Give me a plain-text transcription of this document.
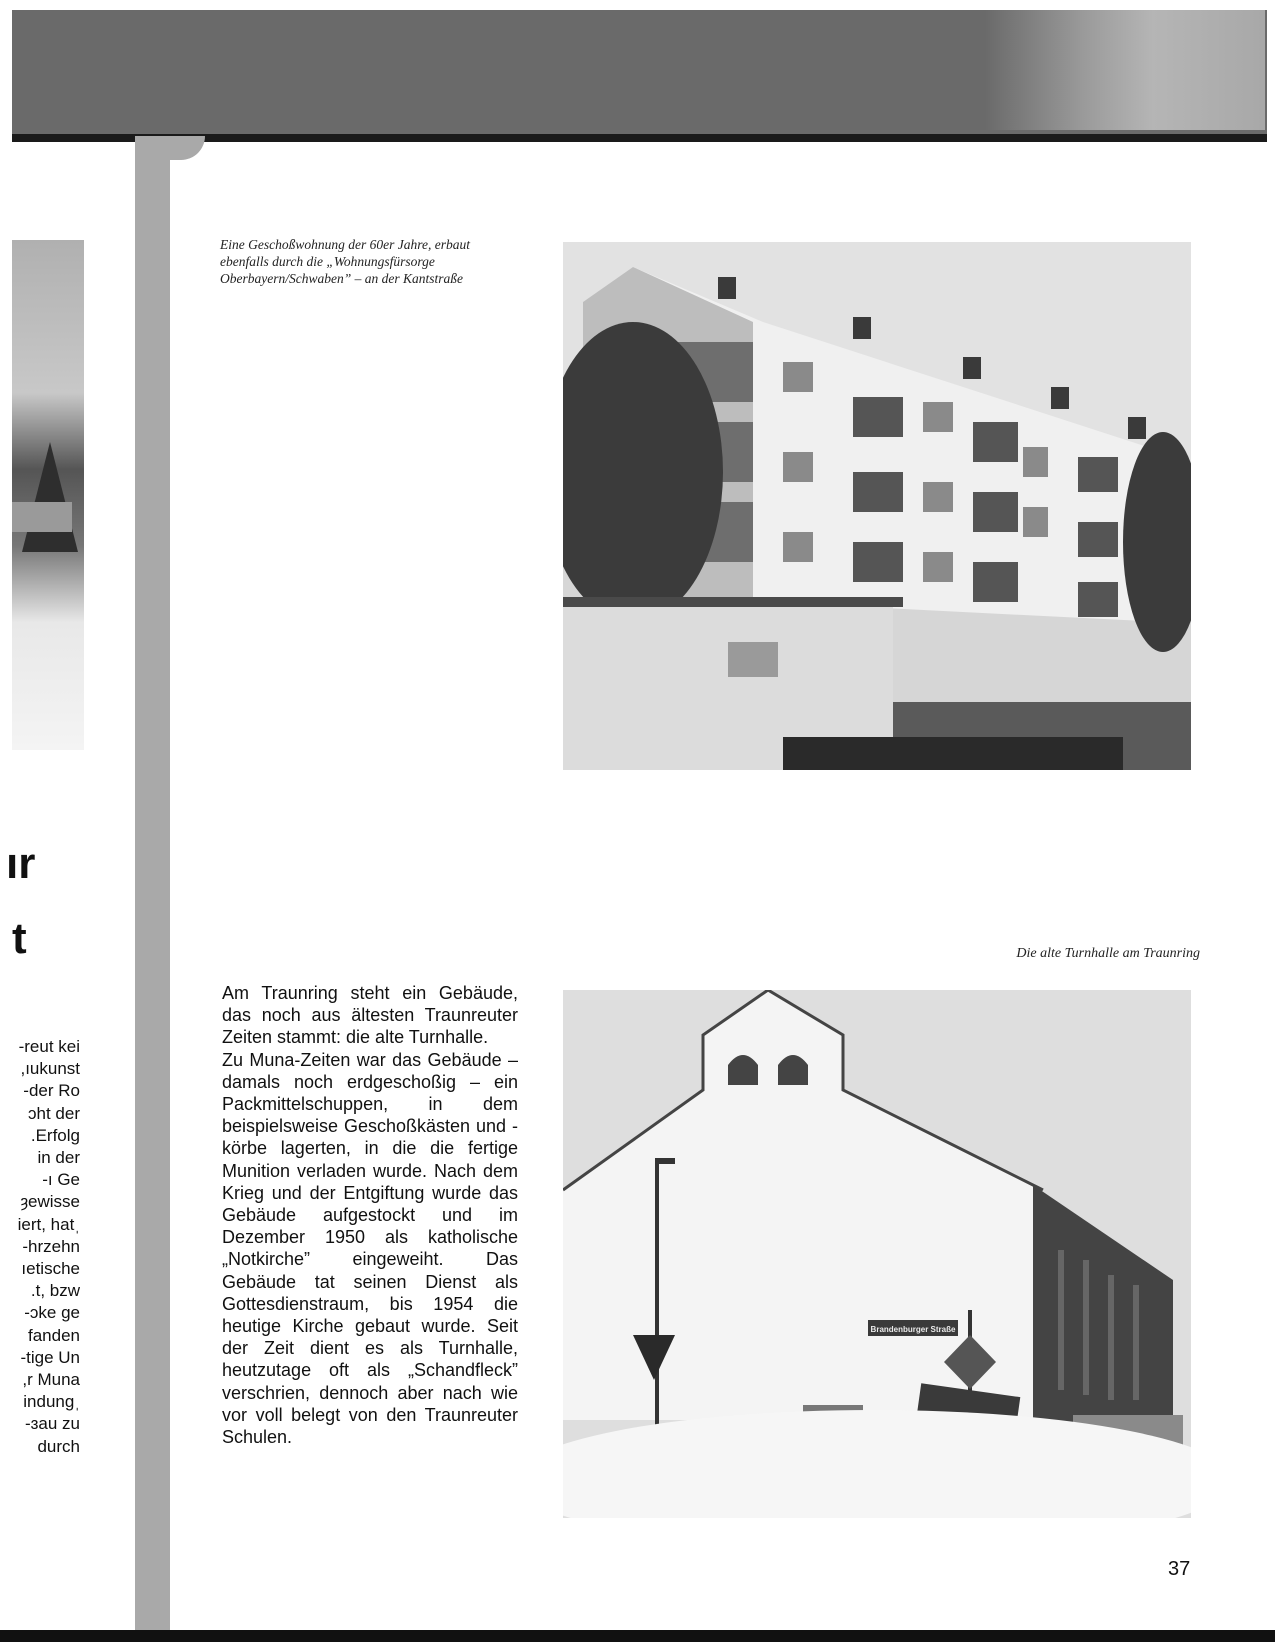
ır
t
reut kei-
ıukunst,
der Ro-
ɔht der
Erfolg.
in der
ı Ge-
ȝewisse
ˌiert, hat
hrzehn-
ıetische
t, bzw.
ɔke ge-
fanden
tige Un-
r Muna,
ˌindung
ɜau zu-
durch
Eine Geschoßwohnung der 60er Jahre, erbaut ebenfalls durch die „Wohnungsfürsorge Oberbayern/Schwaben” – an der Kantstraße
Die alte Turnhalle am Traunring
Brandenburger Straße

Am Traunring steht ein Gebäude, das noch aus ältesten Traunreuter Zeiten stammt: die alte Turnhalle.

Zu Muna-Zeiten war das Gebäude – damals noch erdgeschoßig – ein Packmittelschuppen, in dem beispielsweise Geschoßkästen und -körbe lagerten, in die die fertige Munition verladen wurde. Nach dem Krieg und der Entgiftung wurde das Gebäude aufgestockt und im Dezember 1950 als katholische „Notkirche” eingeweiht. Das Gebäude tat seinen Dienst als Gottesdienstraum, bis 1954 die heutige Kirche gebaut wurde. Seit der Zeit dient es als Turnhalle, heutzutage oft als „Schandfleck” verschrien, dennoch aber nach wie vor voll belegt von den Traunreuter Schulen.

37
